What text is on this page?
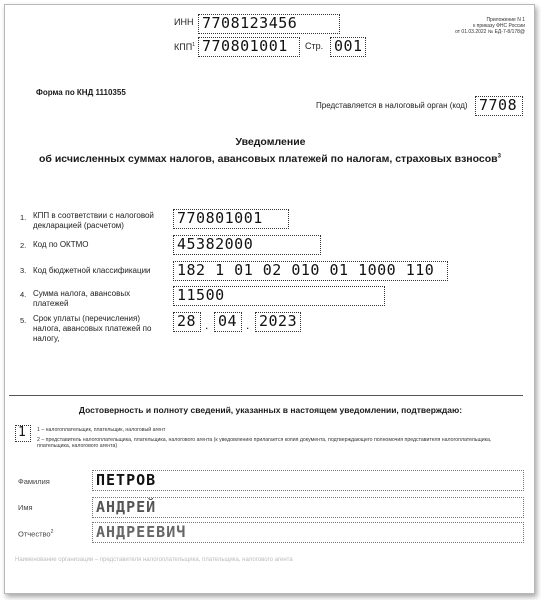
ИНН 7708123456
КПП$^1$ 770801001	Стр. 001
Приложение N 1
к приказу ФНС России
от 01.03.2022 № ЕД-7-8/178@
Форма по КНД 1110355
Представляется в налоговый орган (код) 7708
Уведомление
об исчисленных суммах налогов, авансовых платежей по налогам, страховых взносов$^3$
1. КПП в соответствии с налоговой декларацией (расчетом)	770801001
2. Код по ОКТМО	45382000
3. Код бюджетной классификации 182 1 01 02 010 01 1000 110
4. Сумма налога, авансовых платежей	11500
5. Срок уплаты (перечисления) налога, авансовых платежей по налогу,
28 . 04 . 2023
Достоверность и полноту сведений, указанных в настоящем уведомлении, подтверждаю:
1	1 – налогоплательщик, плательщик, налоговый агент
2 – представитель налогоплательщика, плательщика, налогового агента (к уведомлению прилагается копия документа, подтверждающего полномочия представителя налогоплательщика, плательщика, налогового агента)
Фамилия	ПЕТРОВ
Имя	АНДРЕЙ
Отчество$^2$	АНДРЕЕВИЧ
Наименование организации – представителя налогоплательщика, плательщика, налогового агента
